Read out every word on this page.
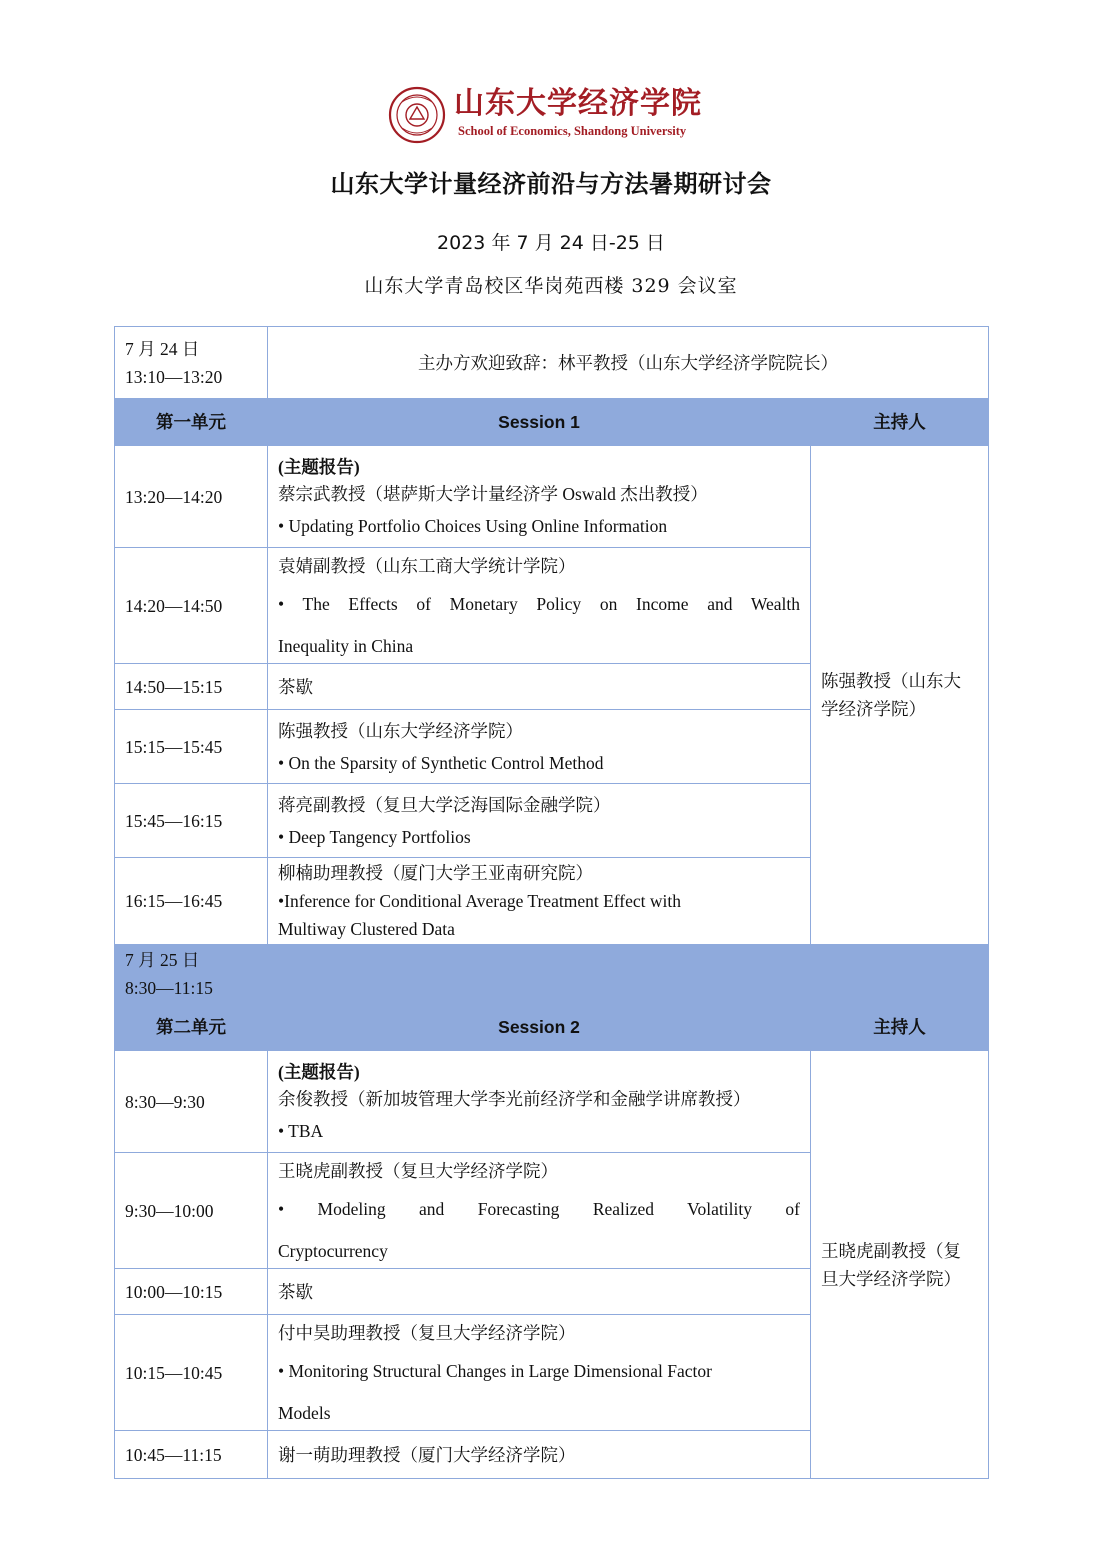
山东大学经济学院
School of Economics, Shandong University
山东大学计量经济前沿与方法暑期研讨会
2023 年 7 月 24 日-25 日
山东大学青岛校区华岗苑西楼 329 会议室
7 月 24 日
13:10—13:20	主办方欢迎致辞：林平教授（山东大学经济学院院长）	
第一单元	Session 1	主持人
13:20—14:20	(主题报告)
蔡宗武教授（堪萨斯大学计量经济学 Oswald 杰出教授）
• Updating Portfolio Choices Using Online Information	陈强教授（山东大学经济学院）
14:20—14:50	袁婧副教授（山东工商大学统计学院）
• The Effects of Monetary Policy on Income and Wealth
Inequality in China	

14:50—15:15	茶歇	
15:15—15:45	陈强教授（山东大学经济学院）
• On the Sparsity of Synthetic Control Method	

15:45—16:15	蒋亮副教授（复旦大学泛海国际金融学院）
• Deep Tangency Portfolios	

16:15—16:45	柳楠助理教授（厦门大学王亚南研究院）
•Inference for Conditional Average Treatment Effect with
Multiway Clustered Data	

7 月 25 日
8:30—11:15		

第二单元	Session 2	主持人
8:30—9:30	(主题报告)
余俊教授（新加坡管理大学李光前经济学和金融学讲席教授）
• TBA	王晓虎副教授（复旦大学经济学院）
9:30—10:00	王晓虎副教授（复旦大学经济学院）
• Modeling and Forecasting Realized Volatility of
Cryptocurrency	

10:00—10:15	茶歇	
10:15—10:45	付中昊助理教授（复旦大学经济学院）
• Monitoring Structural Changes in Large Dimensional Factor
Models	

10:45—11:15	谢一萌助理教授（厦门大学经济学院）	
